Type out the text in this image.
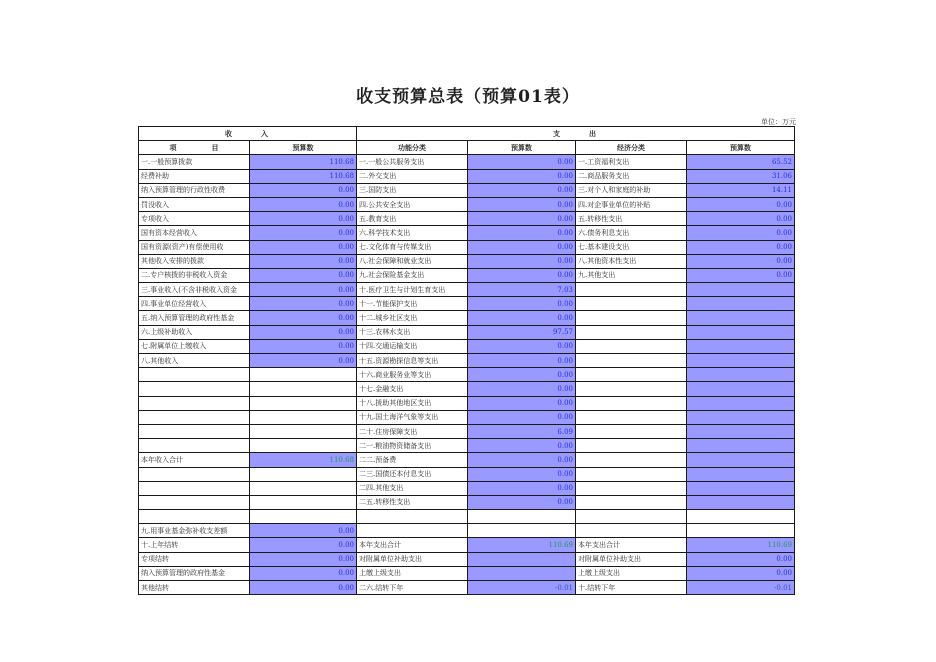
收支预算总表（预算01表）
单位：万元
收　　　入		支　　　出			
项　　　　　目	预算数	功能分类	预算数	经济分类	预算数
一.一般预算拨款	110.68	一.一般公共服务支出	0.00	一.工资福利支出	65.52
经费补助	110.68	二.外交支出	0.00	二.商品服务支出	31.06
纳入预算管理的行政性收费	0.00	三.国防支出	0.00	三.对个人和家庭的补助	14.11
罚没收入	0.00	四.公共安全支出	0.00	四.对企事业单位的补贴	0.00
专项收入	0.00	五.教育支出	0.00	五.转移性支出	0.00
国有资本经营收入	0.00	六.科学技术支出	0.00	六.债务利息支出	0.00
国有资源(资产)有偿使用收	0.00	七.文化体育与传媒支出	0.00	七.基本建设支出	0.00
其他收入安排的拨款	0.00	八.社会保障和就业支出	0.00	八.其他资本性支出	0.00
二.专户核拨的非税收入资金	0.00	九.社会保险基金支出	0.00	九.其他支出	0.00
三.事业收入(不含非税收入资金	0.00	十.医疗卫生与计划生育支出	7.03		
四.事业单位经营收入	0.00	十一.节能保护支出	0.00		
五.纳入预算管理的政府性基金	0.00	十二.城乡社区支出	0.00		
六.上级补助收入	0.00	十三.农林水支出	97.57		
七.附属单位上缴收入	0.00	十四.交通运输支出	0.00		
八.其他收入	0.00	十五.资源勘探信息等支出	0.00		
		十六.商业服务业等支出	0.00		
		十七.金融支出	0.00		
		十八.援助其他地区支出	0.00		
		十九.国土海洋气象等支出	0.00		
		二十.住房保障支出	6.09		
		二一.粮油物资储备支出	0.00		
本年收入合计	110.68	二二.预备费	0.00		
		二三.国债还本付息支出	0.00		
		二四.其他支出	0.00		
		二五.转移性支出	0.00		

九.用事业基金弥补收支差额	0.00				
十.上年结转	0.00	本年支出合计	110.69	本年支出合计	110.69
专项结转	0.00	对附属单位补助支出		对附属单位补助支出	0.00
纳入预算管理的政府性基金	0.00	上缴上级支出		上缴上级支出	0.00
其他结转	0.00	二六.结转下年	-0.01	十.结转下年	-0.01
